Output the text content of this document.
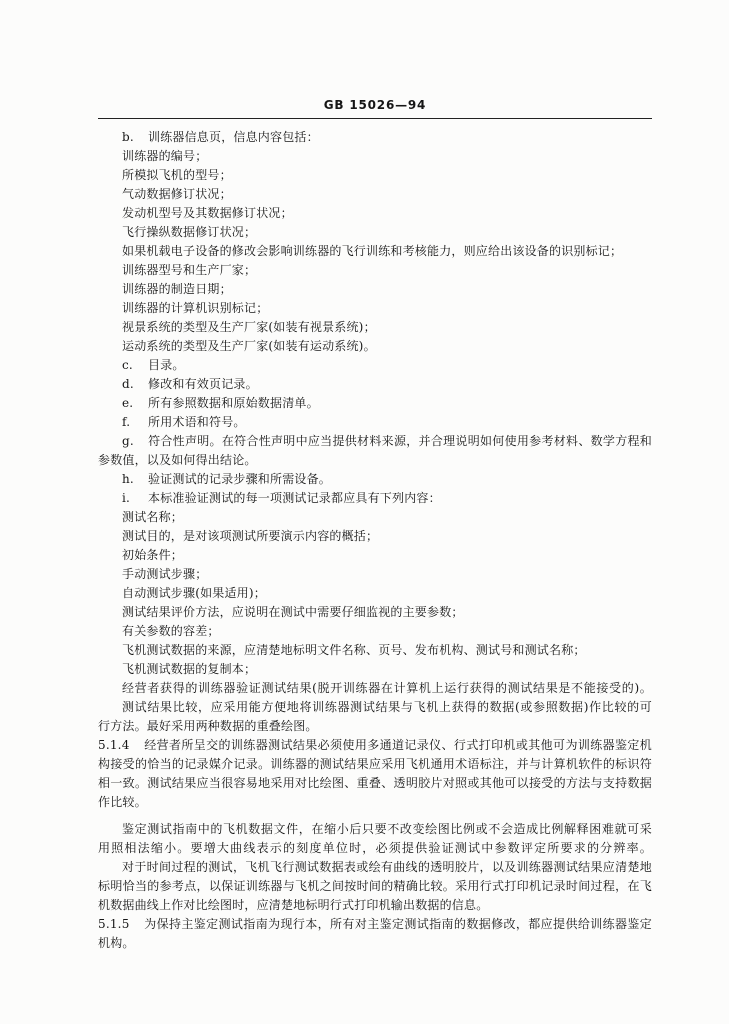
GB 15026—94
b. 训练器信息页，信息内容包括：
训练器的编号；
所模拟飞机的型号；
气动数据修订状况；
发动机型号及其数据修订状况；
飞行操纵数据修订状况；
如果机载电子设备的修改会影响训练器的飞行训练和考核能力，则应给出该设备的识别标记；
训练器型号和生产厂家；
训练器的制造日期；
训练器的计算机识别标记；
视景系统的类型及生产厂家(如装有视景系统)；
运动系统的类型及生产厂家(如装有运动系统)。
c. 目录。
d. 修改和有效页记录。
e. 所有参照数据和原始数据清单。
f. 所用术语和符号。
g. 符合性声明。在符合性声明中应当提供材料来源，并合理说明如何使用参考材料、数学方程和
参数值，以及如何得出结论。
h. 验证测试的记录步骤和所需设备。
i. 本标准验证测试的每一项测试记录都应具有下列内容：
测试名称；
测试目的，是对该项测试所要演示内容的概括；
初始条件；
手动测试步骤；
自动测试步骤(如果适用)；
测试结果评价方法，应说明在测试中需要仔细监视的主要参数；
有关参数的容差；
飞机测试数据的来源，应清楚地标明文件名称、页号、发布机构、测试号和测试名称；
飞机测试数据的复制本；
经营者获得的训练器验证测试结果(脱开训练器在计算机上运行获得的测试结果是不能接受的)。
测试结果比较，应采用能方便地将训练器测试结果与飞机上获得的数据(或参照数据)作比较的可
行方法。最好采用两种数据的重叠绘图。
5.1.4 经营者所呈交的训练器测试结果必须使用多通道记录仪、行式打印机或其他可为训练器鉴定机
构接受的恰当的记录媒介记录。训练器的测试结果应采用飞机通用术语标注，并与计算机软件的标识符
相一致。测试结果应当很容易地采用对比绘图、重叠、透明胶片对照或其他可以接受的方法与支持数据
作比较。
鉴定测试指南中的飞机数据文件，在缩小后只要不改变绘图比例或不会造成比例解释困难就可采
用照相法缩小。要增大曲线表示的刻度单位时，必须提供验证测试中参数评定所要求的分辨率。
对于时间过程的测试，飞机飞行测试数据表或绘有曲线的透明胶片，以及训练器测试结果应清楚地
标明恰当的参考点，以保证训练器与飞机之间按时间的精确比较。采用行式打印机记录时间过程，在飞
机数据曲线上作对比绘图时，应清楚地标明行式打印机输出数据的信息。
5.1.5 为保持主鉴定测试指南为现行本，所有对主鉴定测试指南的数据修改，都应提供给训练器鉴定
机构。
